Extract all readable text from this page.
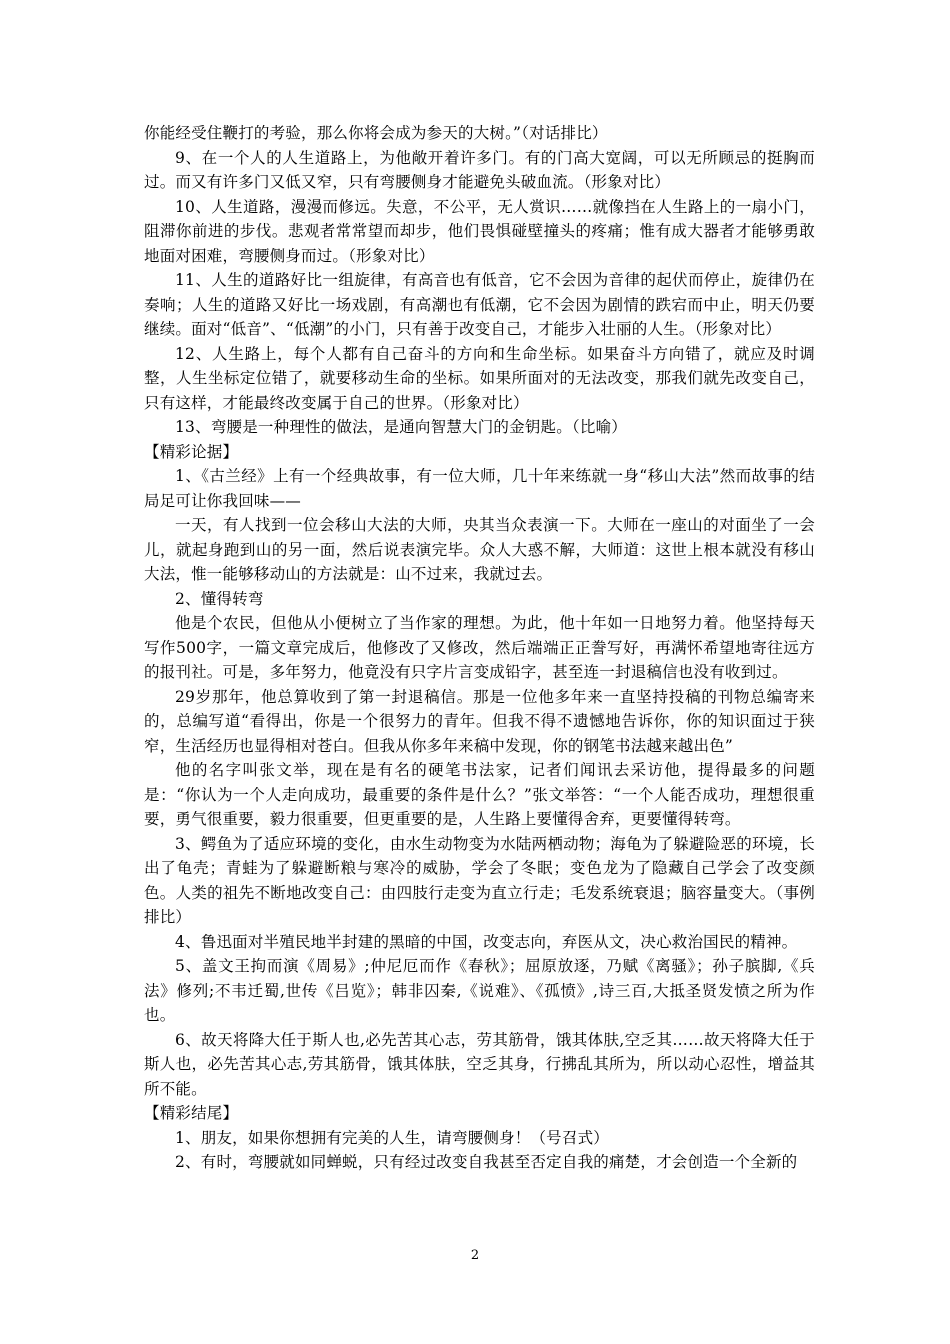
你能经受住鞭打的考验，那么你将会成为参天的大树。”（对话排比）

9、在一个人的人生道路上，为他敞开着许多门。有的门高大宽阔，可以无所顾忌的挺胸而过。而又有许多门又低又窄，只有弯腰侧身才能避免头破血流。（形象对比）

10、人生道路，漫漫而修远。失意，不公平，无人赏识……就像挡在人生路上的一扇小门，阻滞你前进的步伐。悲观者常常望而却步，他们畏惧碰壁撞头的疼痛；惟有成大器者才能够勇敢地面对困难，弯腰侧身而过。（形象对比）

11、人生的道路好比一组旋律，有高音也有低音，它不会因为音律的起伏而停止，旋律仍在奏响；人生的道路又好比一场戏剧，有高潮也有低潮，它不会因为剧情的跌宕而中止，明天仍要继续。面对“低音”、“低潮”的小门，只有善于改变自己，才能步入壮丽的人生。（形象对比）

12、人生路上，每个人都有自己奋斗的方向和生命坐标。如果奋斗方向错了，就应及时调整，人生坐标定位错了，就要移动生命的坐标。如果所面对的无法改变，那我们就先改变自己，只有这样，才能最终改变属于自己的世界。（形象对比）

13、弯腰是一种理性的做法，是通向智慧大门的金钥匙。（比喻）

【精彩论据】

1、《古兰经》上有一个经典故事，有一位大师，几十年来练就一身“移山大法”然而故事的结局足可让你我回味——

一天，有人找到一位会移山大法的大师，央其当众表演一下。大师在一座山的对面坐了一会儿，就起身跑到山的另一面，然后说表演完毕。众人大惑不解，大师道：这世上根本就没有移山大法，惟一能够移动山的方法就是：山不过来，我就过去。

2、懂得转弯

他是个农民，但他从小便树立了当作家的理想。为此，他十年如一日地努力着。他坚持每天写作500字，一篇文章完成后，他修改了又修改，然后端端正正誊写好，再满怀希望地寄往远方的报刊社。可是，多年努力，他竟没有只字片言变成铅字，甚至连一封退稿信也没有收到过。

29岁那年，他总算收到了第一封退稿信。那是一位他多年来一直坚持投稿的刊物总编寄来的，总编写道“看得出，你是一个很努力的青年。但我不得不遗憾地告诉你，你的知识面过于狭窄，生活经历也显得相对苍白。但我从你多年来稿中发现，你的钢笔书法越来越出色”

他的名字叫张文举，现在是有名的硬笔书法家，记者们闻讯去采访他，提得最多的问题是：“你认为一个人走向成功，最重要的条件是什么？”张文举答：“一个人能否成功，理想很重要，勇气很重要，毅力很重要，但更重要的是，人生路上要懂得舍弃，更要懂得转弯。

3、鳄鱼为了适应环境的变化，由水生动物变为水陆两栖动物；海龟为了躲避险恶的环境，长出了龟壳；青蛙为了躲避断粮与寒冷的威胁，学会了冬眠；变色龙为了隐藏自己学会了改变颜色。人类的祖先不断地改变自己：由四肢行走变为直立行走；毛发系统衰退；脑容量变大。（事例排比）

4、鲁迅面对半殖民地半封建的黑暗的中国，改变志向，弃医从文，决心救治国民的精神。

5、盖文王拘而演《周易》;仲尼厄而作《春秋》；屈原放逐，乃赋《离骚》；孙子膑脚,《兵法》修列;不韦迁蜀,世传《吕览》；韩非囚秦,《说难》、《孤愤》,诗三百,大抵圣贤发愤之所为作也。

6、故天将降大任于斯人也,必先苦其心志，劳其筋骨，饿其体肤,空乏其……故天将降大任于斯人也，必先苦其心志,劳其筋骨，饿其体肤，空乏其身，行拂乱其所为，所以动心忍性，增益其所不能。

【精彩结尾】

1、朋友，如果你想拥有完美的人生，请弯腰侧身！（号召式）

2、有时，弯腰就如同蝉蜕，只有经过改变自我甚至否定自我的痛楚，才会创造一个全新的

2
